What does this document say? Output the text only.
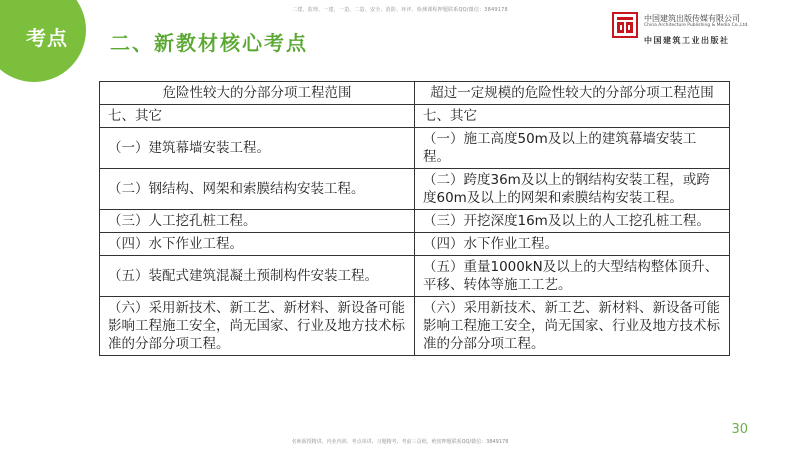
二建、监理、一建、一造、二造、安全、消防、环评、检测课程押题联系QQ/微信：3849178
考点 二、新教材核心考点
中国建筑出版传媒有限公司
China Architecture Publishing & Media Co.,Ltd.
中国建筑工业出版社
危险性较大的分部分项工程范围	超过一定规模的危险性较大的分部分项工程范围
七、其它	七、其它
（一）建筑幕墙安装工程。	（一）施工高度50m及以上的建筑幕墙安装工程。
（二）钢结构、网架和索膜结构安装工程。	（二）跨度36m及以上的钢结构安装工程，或跨度60m及以上的网架和索膜结构安装工程。
（三）人工挖孔桩工程。	（三）开挖深度16m及以上的人工挖孔桩工程。
（四）水下作业工程。	（四）水下作业工程。
（五）装配式建筑混凝土预制构件安装工程。	（五）重量1000kN及以上的大型结构整体顶升、平移、转体等施工工艺。
（六）采用新技术、新工艺、新材料、新设备可能影响工程施工安全，尚无国家、行业及地方技术标准的分部分项工程。	（六）采用新技术、新工艺、新材料、新设备可能影响工程施工安全，尚无国家、行业及地方技术标准的分部分项工程。
30
名师面授精讲、内业内训、考点串讲、习题精考、考前三页纸、绝密押题联系QQ/微信：3849178
